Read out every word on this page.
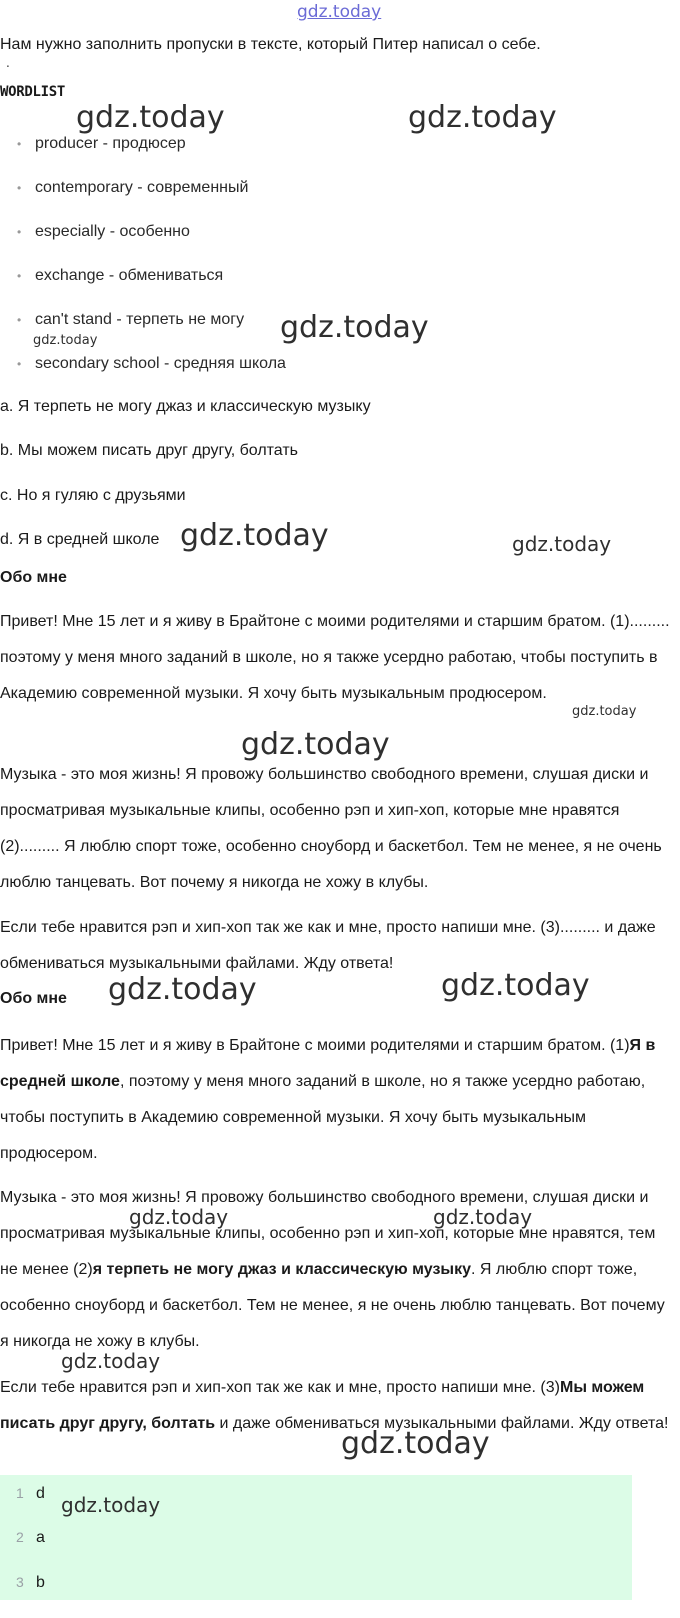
gdz.today

Нам нужно заполнить пропуски в тексте, который Питер написал о себе.

.
WORDLIST
• producer - продюсер
• contemporary - современный
• especially - особенно
• exchange - обмениваться
• can't stand - терпеть не могу
• secondary school - средняя школа

a. Я терпеть не могу джаз и классическую музыку

b. Мы можем писать друг другу, болтать

c. Но я гуляю с друзьями

d. Я в средней школе

Обо мне

Привет! Мне 15 лет и я живу в Брайтоне с моими родителями и старшим братом. (1)......... поэтому у меня много заданий в школе, но я также усердно работаю, чтобы поступить в Академию современной музыки. Я хочу быть музыкальным продюсером.

Музыка - это моя жизнь! Я провожу большинство свободного времени, слушая диски и просматривая музыкальные клипы, особенно рэп и хип-хоп, которые мне нравятся (2)......... Я люблю спорт тоже, особенно сноуборд и баскетбол. Тем не менее, я не очень люблю танцевать. Вот почему я никогда не хожу в клубы.

Если тебе нравится рэп и хип-хоп так же как и мне, просто напиши мне. (3)......... и даже обмениваться музыкальными файлами. Жду ответа!

Обо мне

Привет! Мне 15 лет и я живу в Брайтоне с моими родителями и старшим братом. (1)Я в средней школе, поэтому у меня много заданий в школе, но я также усердно работаю, чтобы поступить в Академию современной музыки. Я хочу быть музыкальным продюсером.

Музыка - это моя жизнь! Я провожу большинство свободного времени, слушая диски и просматривая музыкальные клипы, особенно рэп и хип-хоп, которые мне нравятся, тем не менее (2)я терпеть не могу джаз и классическую музыку. Я люблю спорт тоже, особенно сноуборд и баскетбол. Тем не менее, я не очень люблю танцевать. Вот почему я никогда не хожу в клубы.

Если тебе нравится рэп и хип-хоп так же как и мне, просто напиши мне. (3)Мы можем писать друг другу, болтать и даже обмениваться музыкальными файлами. Жду ответа!

1 d
2 a
3 b
gdz.today	gdz.today
gdz.today
gdz.today
gdz.today	gdz.today
gdz.today
gdz.today
gdz.today	gdz.today
gdz.today	gdz.today
gdz.today
gdz.today
gdz.today
